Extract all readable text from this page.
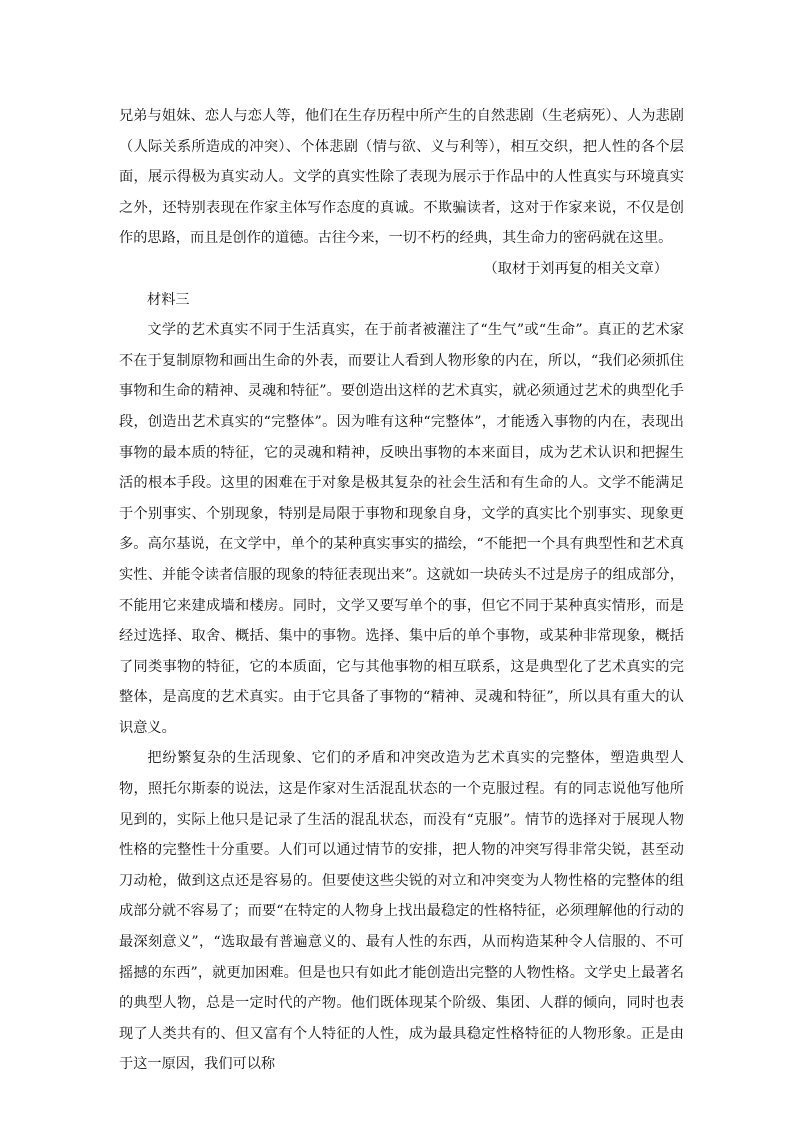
兄弟与姐妹、恋人与恋人等，他们在生存历程中所产生的自然悲剧（生老病死）、人为悲剧（人际关系所造成的冲突）、个体悲剧（情与欲、义与利等），相互交织，把人性的各个层面，展示得极为真实动人。文学的真实性除了表现为展示于作品中的人性真实与环境真实之外，还特别表现在作家主体写作态度的真诚。不欺骗读者，这对于作家来说，不仅是创作的思路，而且是创作的道德。古往今来，一切不朽的经典，其生命力的密码就在这里。

（取材于刘再复的相关文章）

材料三

文学的艺术真实不同于生活真实，在于前者被灌注了“生气”或“生命”。真正的艺术家不在于复制原物和画出生命的外表，而要让人看到人物形象的内在，所以，“我们必须抓住事物和生命的精神、灵魂和特征”。要创造出这样的艺术真实，就必须通过艺术的典型化手段，创造出艺术真实的“完整体”。因为唯有这种“完整体”，才能透入事物的内在，表现出事物的最本质的特征，它的灵魂和精神，反映出事物的本来面目，成为艺术认识和把握生活的根本手段。这里的困难在于对象是极其复杂的社会生活和有生命的人。文学不能满足于个别事实、个别现象，特别是局限于事物和现象自身，文学的真实比个别事实、现象更多。高尔基说，在文学中，单个的某种真实事实的描绘，“不能把一个具有典型性和艺术真实性、并能令读者信服的现象的特征表现出来”。这就如一块砖头不过是房子的组成部分，不能用它来建成墙和楼房。同时，文学又要写单个的事，但它不同于某种真实情形，而是经过选择、取舍、概括、集中的事物。选择、集中后的单个事物，或某种非常现象，概括了同类事物的特征，它的本质面，它与其他事物的相互联系，这是典型化了艺术真实的完整体，是高度的艺术真实。由于它具备了事物的“精神、灵魂和特征”，所以具有重大的认识意义。

把纷繁复杂的生活现象、它们的矛盾和冲突改造为艺术真实的完整体，塑造典型人物，照托尔斯泰的说法，这是作家对生活混乱状态的一个克服过程。有的同志说他写他所见到的，实际上他只是记录了生活的混乱状态，而没有“克服”。情节的选择对于展现人物性格的完整性十分重要。人们可以通过情节的安排，把人物的冲突写得非常尖锐，甚至动刀动枪，做到这点还是容易的。但要使这些尖锐的对立和冲突变为人物性格的完整体的组成部分就不容易了；而要“在特定的人物身上找出最稳定的性格特征，必须理解他的行动的最深刻意义”，“选取最有普遍意义的、最有人性的东西，从而构造某种令人信服的、不可摇撼的东西”，就更加困难。但是也只有如此才能创造出完整的人物性格。文学史上最著名的典型人物，总是一定时代的产物。他们既体现某个阶级、集团、人群的倾向，同时也表现了人类共有的、但又富有个人特征的人性，成为最具稳定性格特征的人物形象。正是由于这一原因，我们可以称
